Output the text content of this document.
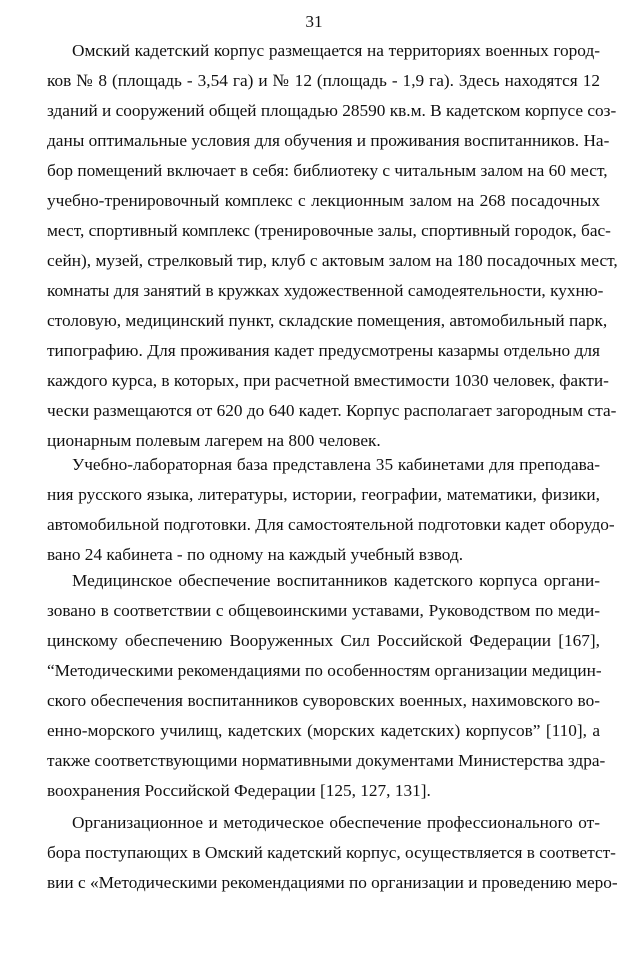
31
Омский кадетский корпус размещается на территориях военных город-
ков № 8 (площадь - 3,54 га) и № 12 (площадь - 1,9 га). Здесь находятся 12
зданий и сооружений общей площадью 28590 кв.м. В кадетском корпусе соз-
даны оптимальные условия для обучения и проживания воспитанников. На-
бор помещений включает в себя: библиотеку с читальным залом на 60 мест,
учебно-тренировочный комплекс с лекционным залом на 268 посадочных
мест, спортивный комплекс (тренировочные залы, спортивный городок, бас-
сейн), музей, стрелковый тир, клуб с актовым залом на 180 посадочных мест,
комнаты для занятий в кружках художественной самодеятельности, кухню-
столовую, медицинский пункт, складские помещения, автомобильный парк,
типографию. Для проживания кадет предусмотрены казармы отдельно для
каждого курса, в которых, при расчетной вместимости 1030 человек, факти-
чески размещаются от 620 до 640 кадет. Корпус располагает загородным ста-
ционарным полевым лагерем на 800 человек.
Учебно-лабораторная база представлена 35 кабинетами для преподава-
ния русского языка, литературы, истории, географии, математики, физики,
автомобильной подготовки. Для самостоятельной подготовки кадет оборудо-
вано 24 кабинета - по одному на каждый учебный взвод.
Медицинское обеспечение воспитанников кадетского корпуса органи-
зовано в соответствии с общевоинскими уставами, Руководством по меди-
цинскому обеспечению Вооруженных Сил Российской Федерации [167],
“Методическими рекомендациями по особенностям организации медицин-
ского обеспечения воспитанников суворовских военных, нахимовского во-
енно-морского училищ, кадетских (морских кадетских) корпусов” [110], а
также соответствующими нормативными документами Министерства здра-
воохранения Российской Федерации [125, 127, 131].
Организационное и методическое обеспечение профессионального от-
бора поступающих в Омский кадетский корпус, осуществляется в соответст-
вии с «Методическими рекомендациями по организации и проведению меро-
